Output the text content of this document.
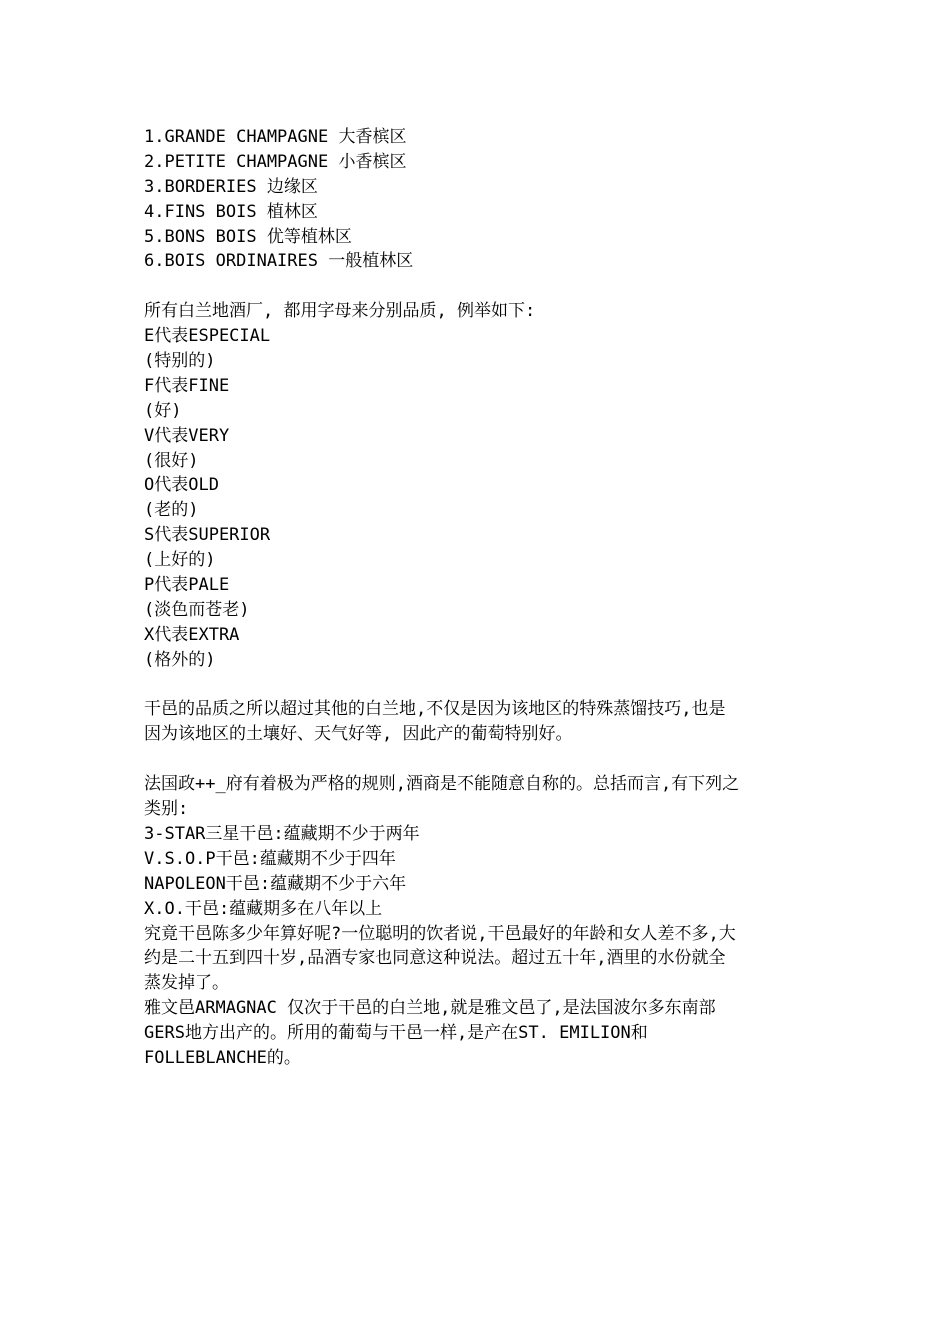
1.GRANDE CHAMPAGNE 大香槟区
2.PETITE CHAMPAGNE 小香槟区
3.BORDERIES 边缘区
4.FINS BOIS 植林区
5.BONS BOIS 优等植林区
6.BOIS ORDINAIRES 一般植林区
所有白兰地酒厂, 都用字母来分别品质, 例举如下:
E代表ESPECIAL
(特别的)
F代表FINE
(好)
V代表VERY
(很好)
O代表OLD
(老的)
S代表SUPERIOR
(上好的)
P代表PALE
(淡色而苍老)
X代表EXTRA
(格外的)
干邑的品质之所以超过其他的白兰地,不仅是因为该地区的特殊蒸馏技巧,也是
因为该地区的土壤好、天气好等, 因此产的葡萄特别好。
法国政++_府有着极为严格的规则,酒商是不能随意自称的。总括而言,有下列之
类别:
3-STAR三星干邑:蕴藏期不少于两年
V.S.O.P干邑:蕴藏期不少于四年
NAPOLEON干邑:蕴藏期不少于六年
X.O.干邑:蕴藏期多在八年以上
究竟干邑陈多少年算好呢?一位聪明的饮者说,干邑最好的年龄和女人差不多,大
约是二十五到四十岁,品酒专家也同意这种说法。超过五十年,酒里的水份就全
蒸发掉了。
雅文邑ARMAGNAC 仅次于干邑的白兰地,就是雅文邑了,是法国波尔多东南部
GERS地方出产的。所用的葡萄与干邑一样,是产在ST. EMILION和
FOLLEBLANCHE的。
